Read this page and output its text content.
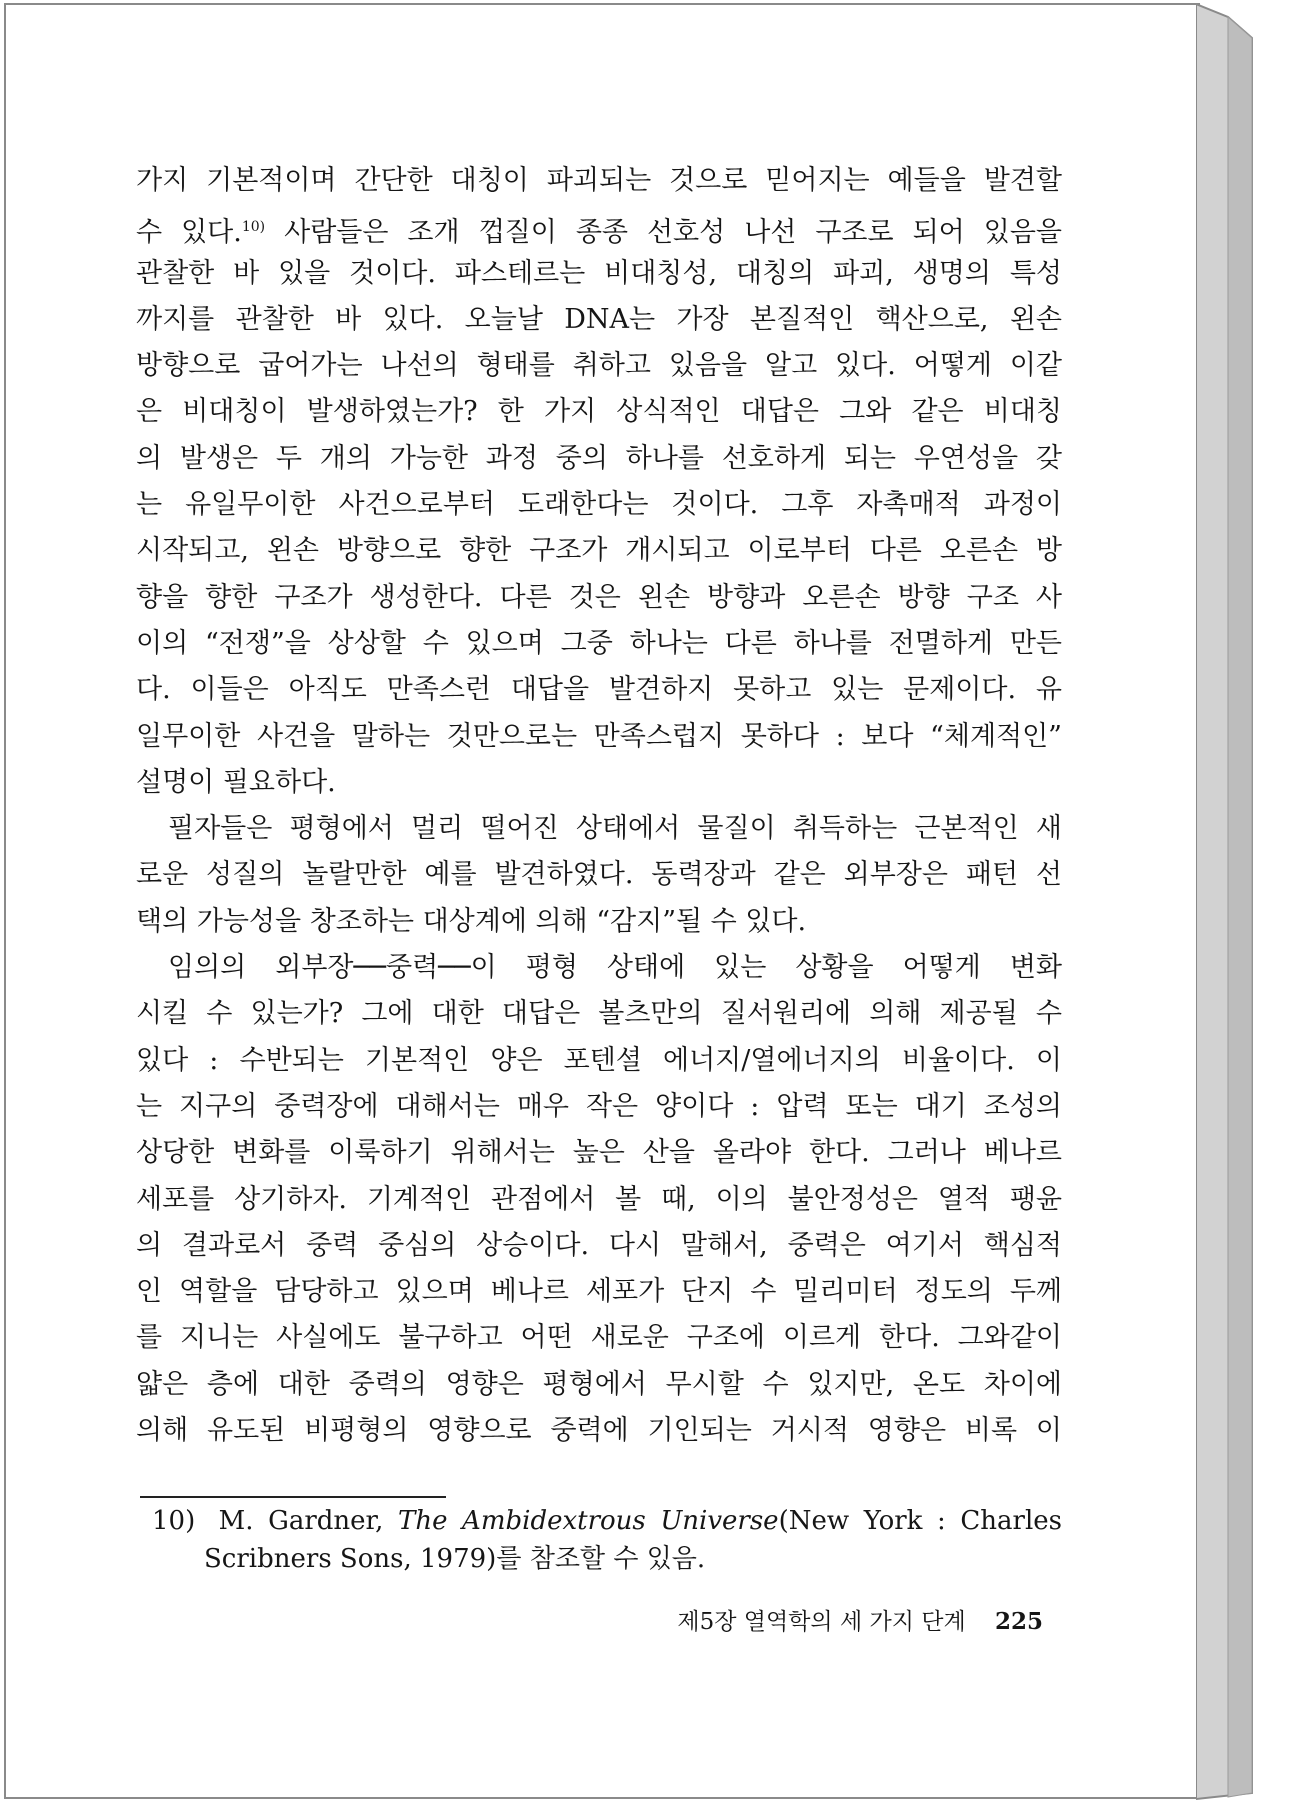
가지 기본적이며 간단한 대칭이 파괴되는 것으로 믿어지는 예들을 발견할
수 있다.$^{10)}$ 사람들은 조개 껍질이 종종 선호성 나선 구조로 되어 있음을
관찰한 바 있을 것이다. 파스테르는 비대칭성, 대칭의 파괴, 생명의 특성
까지를 관찰한 바 있다. 오늘날 DNA는 가장 본질적인 핵산으로, 왼손
방향으로 굽어가는 나선의 형태를 취하고 있음을 알고 있다. 어떻게 이같
은 비대칭이 발생하였는가? 한 가지 상식적인 대답은 그와 같은 비대칭
의 발생은 두 개의 가능한 과정 중의 하나를 선호하게 되는 우연성을 갖
는 유일무이한 사건으로부터 도래한다는 것이다. 그후 자촉매적 과정이
시작되고, 왼손 방향으로 향한 구조가 개시되고 이로부터 다른 오른손 방
향을 향한 구조가 생성한다. 다른 것은 왼손 방향과 오른손 방향 구조 사
이의 “전쟁”을 상상할 수 있으며 그중 하나는 다른 하나를 전멸하게 만든
다. 이들은 아직도 만족스런 대답을 발견하지 못하고 있는 문제이다. 유
일무이한 사건을 말하는 것만으로는 만족스럽지 못하다 : 보다 “체계적인”
설명이 필요하다.
필자들은 평형에서 멀리 떨어진 상태에서 물질이 취득하는 근본적인 새
로운 성질의 놀랄만한 예를 발견하였다. 동력장과 같은 외부장은 패턴 선
택의 가능성을 창조하는 대상계에 의해 “감지”될 수 있다.
임의의 외부장──중력──이 평형 상태에 있는 상황을 어떻게 변화
시킬 수 있는가? 그에 대한 대답은 볼츠만의 질서원리에 의해 제공될 수
있다 : 수반되는 기본적인 양은 포텐셜 에너지/열에너지의 비율이다. 이
는 지구의 중력장에 대해서는 매우 작은 양이다 : 압력 또는 대기 조성의
상당한 변화를 이룩하기 위해서는 높은 산을 올라야 한다. 그러나 베나르
세포를 상기하자. 기계적인 관점에서 볼 때, 이의 불안정성은 열적 팽윤
의 결과로서 중력 중심의 상승이다. 다시 말해서, 중력은 여기서 핵심적
인 역할을 담당하고 있으며 베나르 세포가 단지 수 밀리미터 정도의 두께
를 지니는 사실에도 불구하고 어떤 새로운 구조에 이르게 한다. 그와같이
얇은 층에 대한 중력의 영향은 평형에서 무시할 수 있지만, 온도 차이에
의해 유도된 비평형의 영향으로 중력에 기인되는 거시적 영향은 비록 이
10) M. Gardner, The Ambidextrous Universe(New York : Charles
Scribners Sons, 1979)를 참조할 수 있음.
제5장 열역학의 세 가지 단계 225
